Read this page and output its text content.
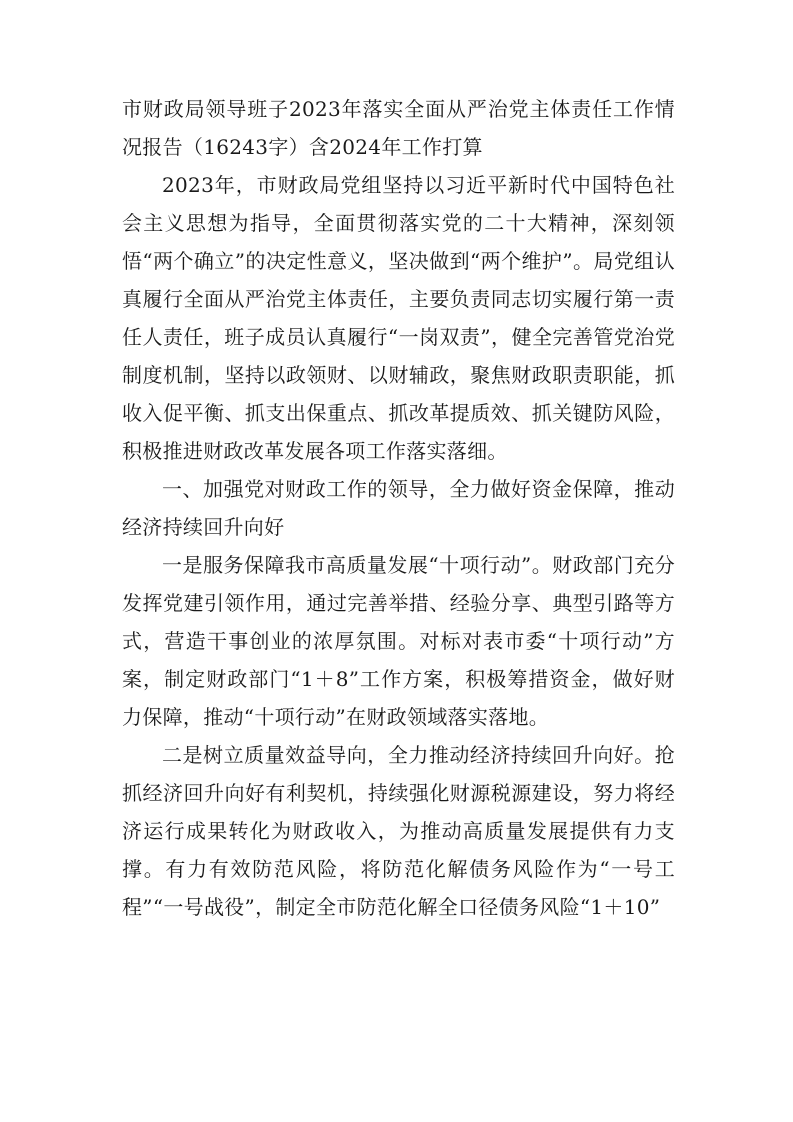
市财政局领导班子2023年落实全面从严治党主体责任工作情况报告（16243字）含2024年工作打算

2023年，市财政局党组坚持以习近平新时代中国特色社会主义思想为指导，全面贯彻落实党的二十大精神，深刻领悟“两个确立”的决定性意义，坚决做到“两个维护”。局党组认真履行全面从严治党主体责任，主要负责同志切实履行第一责任人责任，班子成员认真履行“一岗双责”，健全完善管党治党制度机制，坚持以政领财、以财辅政，聚焦财政职责职能，抓收入促平衡、抓支出保重点、抓改革提质效、抓关键防风险，积极推进财政改革发展各项工作落实落细。

一、加强党对财政工作的领导，全力做好资金保障，推动经济持续回升向好

一是服务保障我市高质量发展“十项行动”。财政部门充分发挥党建引领作用，通过完善举措、经验分享、典型引路等方式，营造干事创业的浓厚氛围。对标对表市委“十项行动”方案，制定财政部门“1＋8”工作方案，积极筹措资金，做好财力保障，推动“十项行动”在财政领域落实落地。

二是树立质量效益导向，全力推动经济持续回升向好。抢抓经济回升向好有利契机，持续强化财源税源建设，努力将经济运行成果转化为财政收入，为推动高质量发展提供有力支撑。有力有效防范风险，将防范化解债务风险作为“一号工程”“一号战役”，制定全市防范化解全口径债务风险“1＋10”
